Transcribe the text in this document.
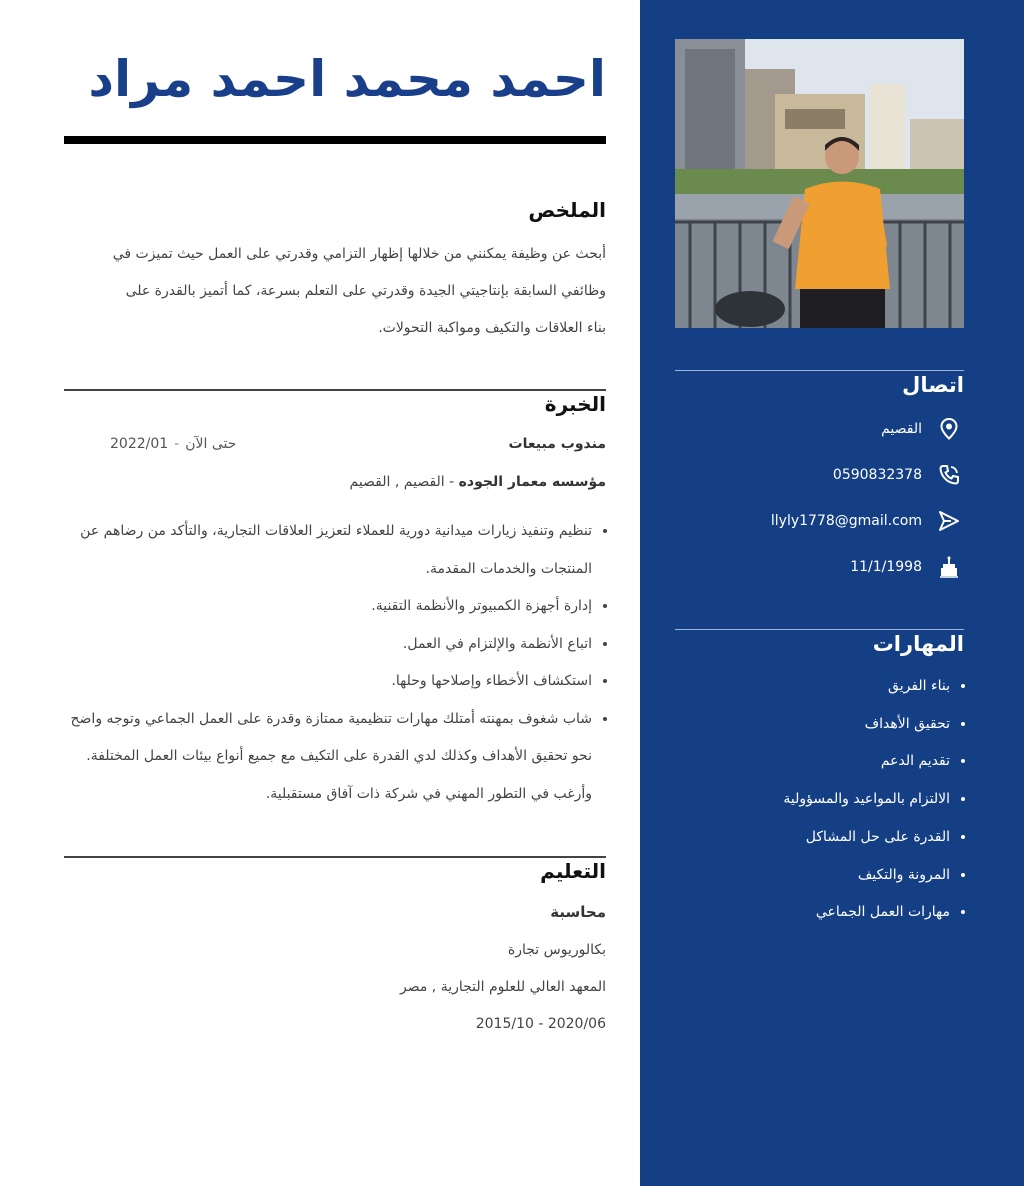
احمد محمد احمد مراد
الملخص

أبحث عن وظيفة يمكنني من خلالها إظهار التزامي وقدرتي على العمل حيث تميزت في وظائفي السابقة بإنتاجيتي الجيدة وقدرتي على التعلم بسرعة، كما أتميز بالقدرة على بناء العلاقات والتكيف ومواكبة التحولات.

الخبرة
مندوب مبيعات
2022/01 - حتى الآن
مؤسسه معمار الجوده - القصيم , القصيم
• تنظيم وتنفيذ زيارات ميدانية دورية للعملاء لتعزيز العلاقات التجارية، والتأكد من رضاهم عن المنتجات والخدمات المقدمة.
• إدارة أجهزة الكمبيوتر والأنظمة التقنية.
• اتباع الأنظمة والإلتزام في العمل.
• استكشاف الأخطاء وإصلاحها وحلها.
• شاب شغوف بمهنته أمتلك مهارات تنظيمية ممتازة وقدرة على العمل الجماعي وتوجه واضح نحو تحقيق الأهداف وكذلك لدي القدرة على التكيف مع جميع أنواع بيئات العمل المختلفة. وأرغب في التطور المهني في شركة ذات آفاق مستقبلية.
التعليم
محاسبة
بكالوريوس تجارة
المعهد العالي للعلوم التجارية , مصر
2015/10 - 2020/06
اتصال
القصيم
0590832378
llyly1778@gmail.com
11/1/1998
المهارات
• بناء الفريق
• تحقيق الأهداف
• تقديم الدعم
• الالتزام بالمواعيد والمسؤولية
• القدرة على حل المشاكل
• المرونة والتكيف
• مهارات العمل الجماعي
